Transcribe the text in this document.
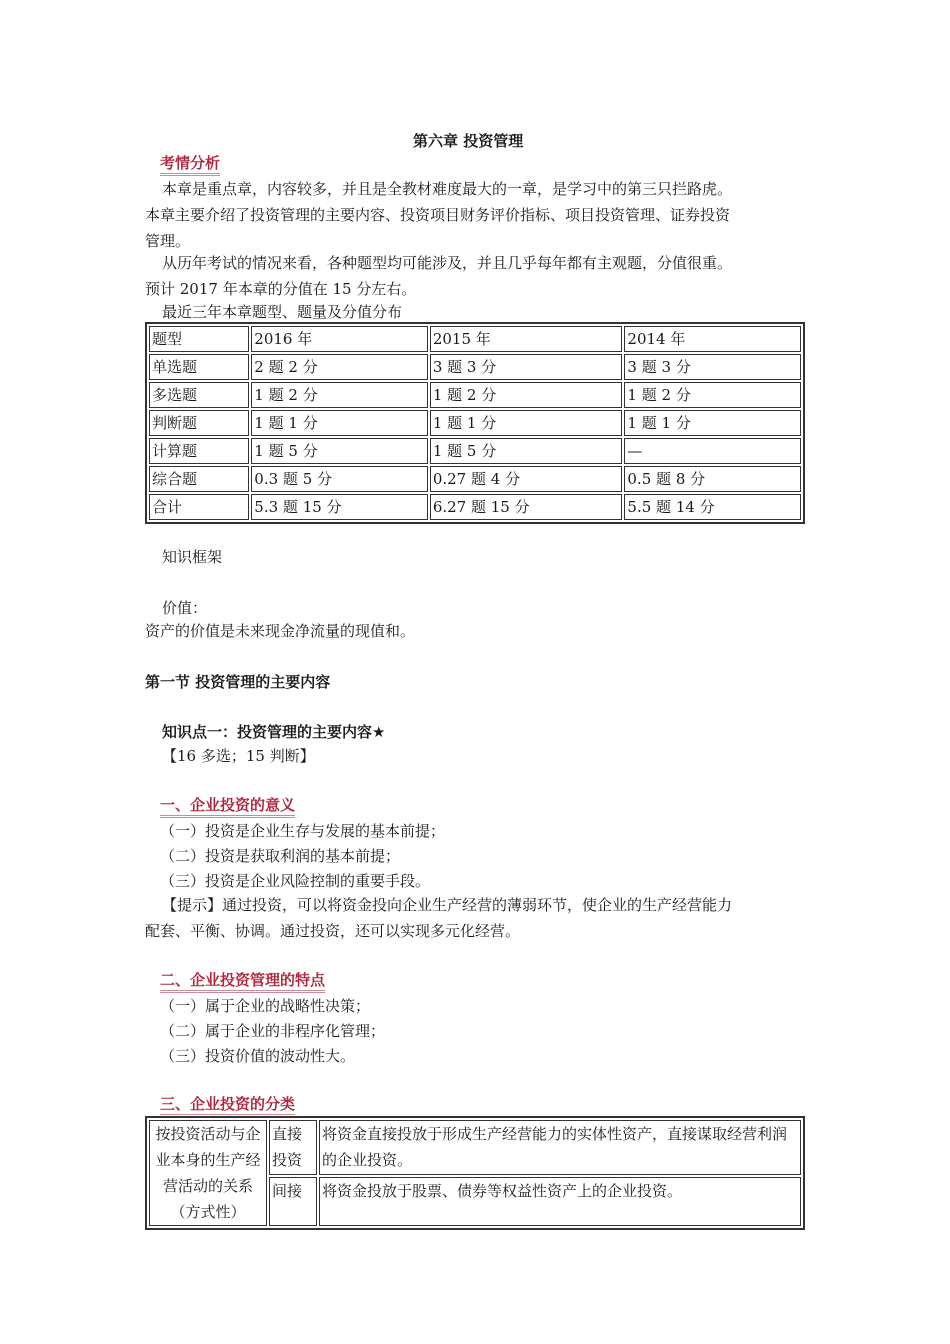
第六章 投资管理
考情分析
本章是重点章，内容较多，并且是全教材难度最大的一章，是学习中的第三只拦路虎。
本章主要介绍了投资管理的主要内容、投资项目财务评价指标、项目投资管理、证券投资
管理。
从历年考试的情况来看，各种题型均可能涉及，并且几乎每年都有主观题，分值很重。
预计 2017 年本章的分值在 15 分左右。
最近三年本章题型、题量及分值分布
题型	2016 年	2015 年	2014 年
单选题	2 题 2 分	3 题 3 分	3 题 3 分
多选题	1 题 2 分	1 题 2 分	1 题 2 分
判断题	1 题 1 分	1 题 1 分	1 题 1 分
计算题	1 题 5 分	1 题 5 分	—
综合题	0.3 题 5 分	0.27 题 4 分	0.5 题 8 分
合计	5.3 题 15 分	6.27 题 15 分	5.5 题 14 分
知识框架
价值：
资产的价值是未来现金净流量的现值和。
第一节 投资管理的主要内容
知识点一：投资管理的主要内容★
【16 多选；15 判断】
一、企业投资的意义
（一）投资是企业生存与发展的基本前提；
（二）投资是获取利润的基本前提；
（三）投资是企业风险控制的重要手段。
【提示】通过投资，可以将资金投向企业生产经营的薄弱环节，使企业的生产经营能力
配套、平衡、协调。通过投资，还可以实现多元化经营。
二、企业投资管理的特点
（一）属于企业的战略性决策；
（二）属于企业的非程序化管理；
（三）投资价值的波动性大。
三、企业投资的分类
按投资活动与企业本身的生产经营活动的关系（方式性）	直接投资	将资金直接投放于形成生产经营能力的实体性资产，直接谋取经营利润的企业投资。
	间接	将资金投放于股票、债券等权益性资产上的企业投资。
